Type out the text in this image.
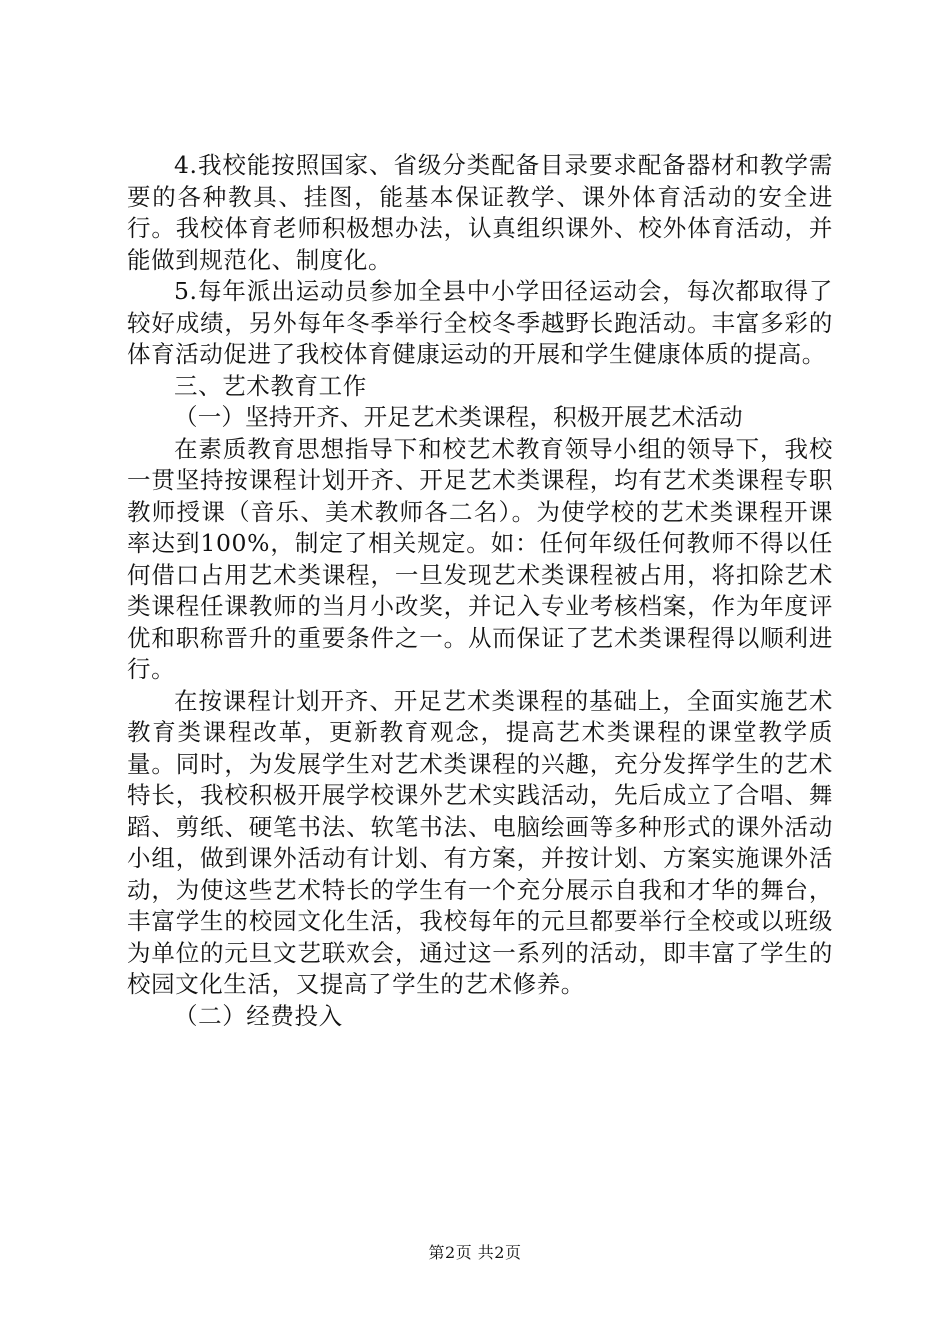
4.我校能按照国家、省级分类配备目录要求配备器材和教学需要的各种教具、挂图，能基本保证教学、课外体育活动的安全进行。我校体育老师积极想办法，认真组织课外、校外体育活动，并能做到规范化、制度化。

5.每年派出运动员参加全县中小学田径运动会，每次都取得了较好成绩，另外每年冬季举行全校冬季越野长跑活动。丰富多彩的体育活动促进了我校体育健康运动的开展和学生健康体质的提高。

三、艺术教育工作

（一）坚持开齐、开足艺术类课程，积极开展艺术活动

在素质教育思想指导下和校艺术教育领导小组的领导下，我校一贯坚持按课程计划开齐、开足艺术类课程，均有艺术类课程专职教师授课（音乐、美术教师各二名）。为使学校的艺术类课程开课率达到100%，制定了相关规定。如：任何年级任何教师不得以任何借口占用艺术类课程，一旦发现艺术类课程被占用，将扣除艺术类课程任课教师的当月小改奖，并记入专业考核档案，作为年度评优和职称晋升的重要条件之一。从而保证了艺术类课程得以顺利进行。

在按课程计划开齐、开足艺术类课程的基础上，全面实施艺术教育类课程改革，更新教育观念，提高艺术类课程的课堂教学质量。同时，为发展学生对艺术类课程的兴趣，充分发挥学生的艺术特长，我校积极开展学校课外艺术实践活动，先后成立了合唱、舞蹈、剪纸、硬笔书法、软笔书法、电脑绘画等多种形式的课外活动小组，做到课外活动有计划、有方案，并按计划、方案实施课外活动，为使这些艺术特长的学生有一个充分展示自我和才华的舞台，丰富学生的校园文化生活，我校每年的元旦都要举行全校或以班级为单位的元旦文艺联欢会，通过这一系列的活动，即丰富了学生的校园文化生活，又提高了学生的艺术修养。

（二）经费投入

第2页 共2页
